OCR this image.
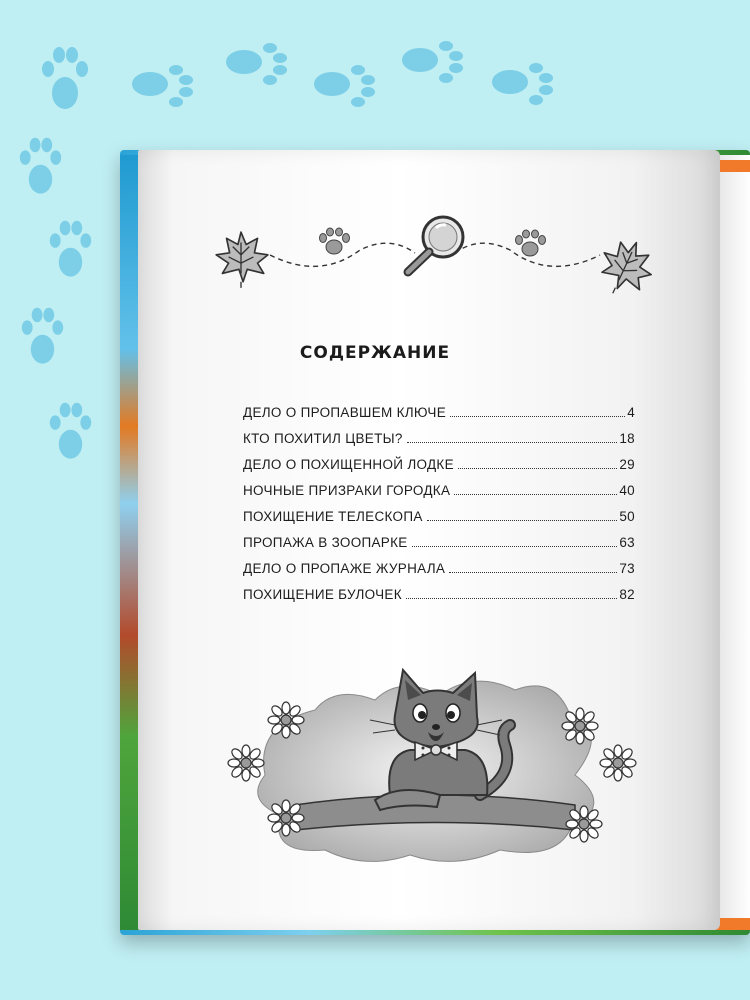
СОДЕРЖАНИЕ
ДЕЛО О ПРОПАВШЕМ КЛЮЧЕ	4
КТО ПОХИТИЛ ЦВЕТЫ?	18
ДЕЛО О ПОХИЩЕННОЙ ЛОДКЕ	29
НОЧНЫЕ ПРИЗРАКИ ГОРОДКА	40
ПОХИЩЕНИЕ ТЕЛЕСКОПА	50
ПРОПАЖА В ЗООПАРКЕ	63
ДЕЛО О ПРОПАЖЕ ЖУРНАЛА	73
ПОХИЩЕНИЕ БУЛОЧЕК	82
